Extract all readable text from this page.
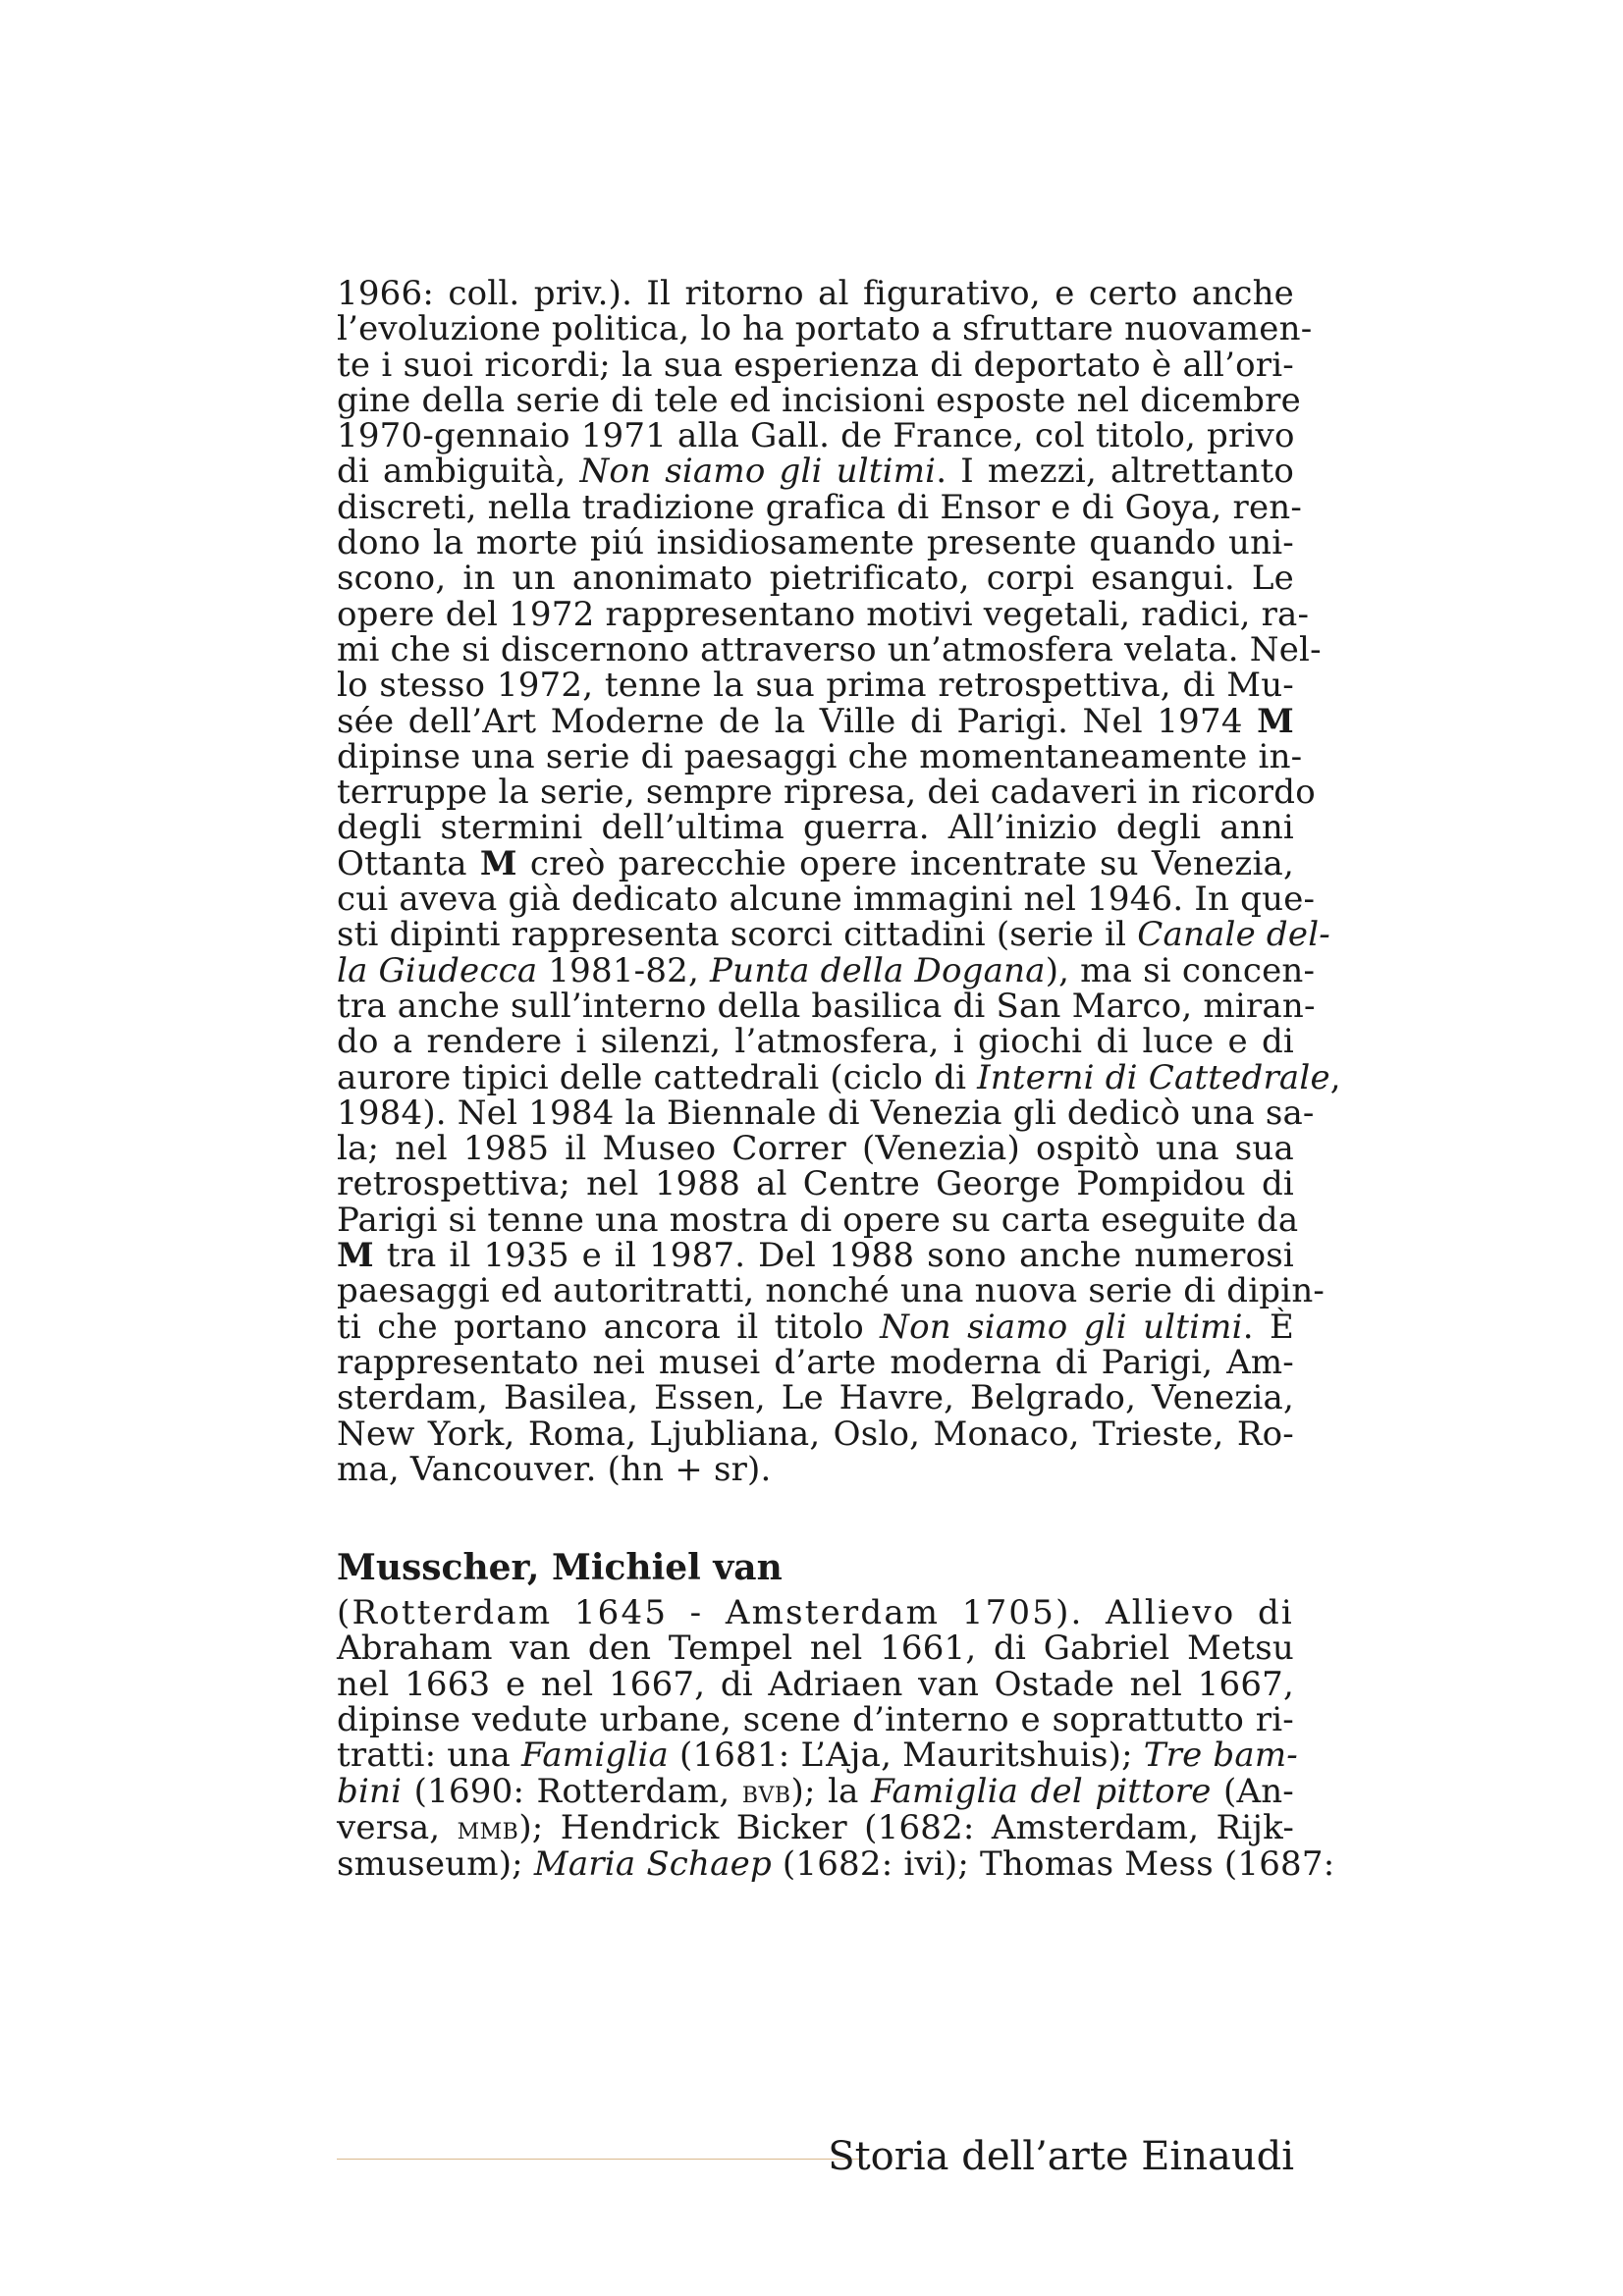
1966: coll. priv.). Il ritorno al figurativo, e certo anche
l’evoluzione politica, lo ha portato a sfruttare nuovamen-
te i suoi ricordi; la sua esperienza di deportato è all’ori-
gine della serie di tele ed incisioni esposte nel dicembre
1970-gennaio 1971 alla Gall. de France, col titolo, privo
di ambiguità, Non siamo gli ultimi. I mezzi, altrettanto
discreti, nella tradizione grafica di Ensor e di Goya, ren-
dono la morte piú insidiosamente presente quando uni-
scono, in un anonimato pietrificato, corpi esangui. Le
opere del 1972 rappresentano motivi vegetali, radici, ra-
mi che si discernono attraverso un’atmosfera velata. Nel-
lo stesso 1972, tenne la sua prima retrospettiva, di Mu-
sée dell’Art Moderne de la Ville di Parigi. Nel 1974 M
dipinse una serie di paesaggi che momentaneamente in-
terruppe la serie, sempre ripresa, dei cadaveri in ricordo
degli stermini dell’ultima guerra. All’inizio degli anni
Ottanta M creò parecchie opere incentrate su Venezia,
cui aveva già dedicato alcune immagini nel 1946. In que-
sti dipinti rappresenta scorci cittadini (serie il Canale del-
la Giudecca 1981-82, Punta della Dogana), ma si concen-
tra anche sull’interno della basilica di San Marco, miran-
do a rendere i silenzi, l’atmosfera, i giochi di luce e di
aurore tipici delle cattedrali (ciclo di Interni di Cattedrale,
1984). Nel 1984 la Biennale di Venezia gli dedicò una sa-
la; nel 1985 il Museo Correr (Venezia) ospitò una sua
retrospettiva; nel 1988 al Centre George Pompidou di
Parigi si tenne una mostra di opere su carta eseguite da
M tra il 1935 e il 1987. Del 1988 sono anche numerosi
paesaggi ed autoritratti, nonché una nuova serie di dipin-
ti che portano ancora il titolo Non siamo gli ultimi. È
rappresentato nei musei d’arte moderna di Parigi, Am-
sterdam, Basilea, Essen, Le Havre, Belgrado, Venezia,
New York, Roma, Ljubliana, Oslo, Monaco, Trieste, Ro-
ma, Vancouver. (hn + sr).
Musscher, Michiel van
(Rotterdam 1645 - Amsterdam 1705). Allievo di
Abraham van den Tempel nel 1661, di Gabriel Metsu
nel 1663 e nel 1667, di Adriaen van Ostade nel 1667,
dipinse vedute urbane, scene d’interno e soprattutto ri-
tratti: una Famiglia (1681: L’Aja, Mauritshuis); Tre bam-
bini (1690: Rotterdam, bvb); la Famiglia del pittore (An-
versa, mmb); Hendrick Bicker (1682: Amsterdam, Rijk-
smuseum); Maria Schaep (1682: ivi); Thomas Mess (1687:
Storia dell’arte Einaudi
